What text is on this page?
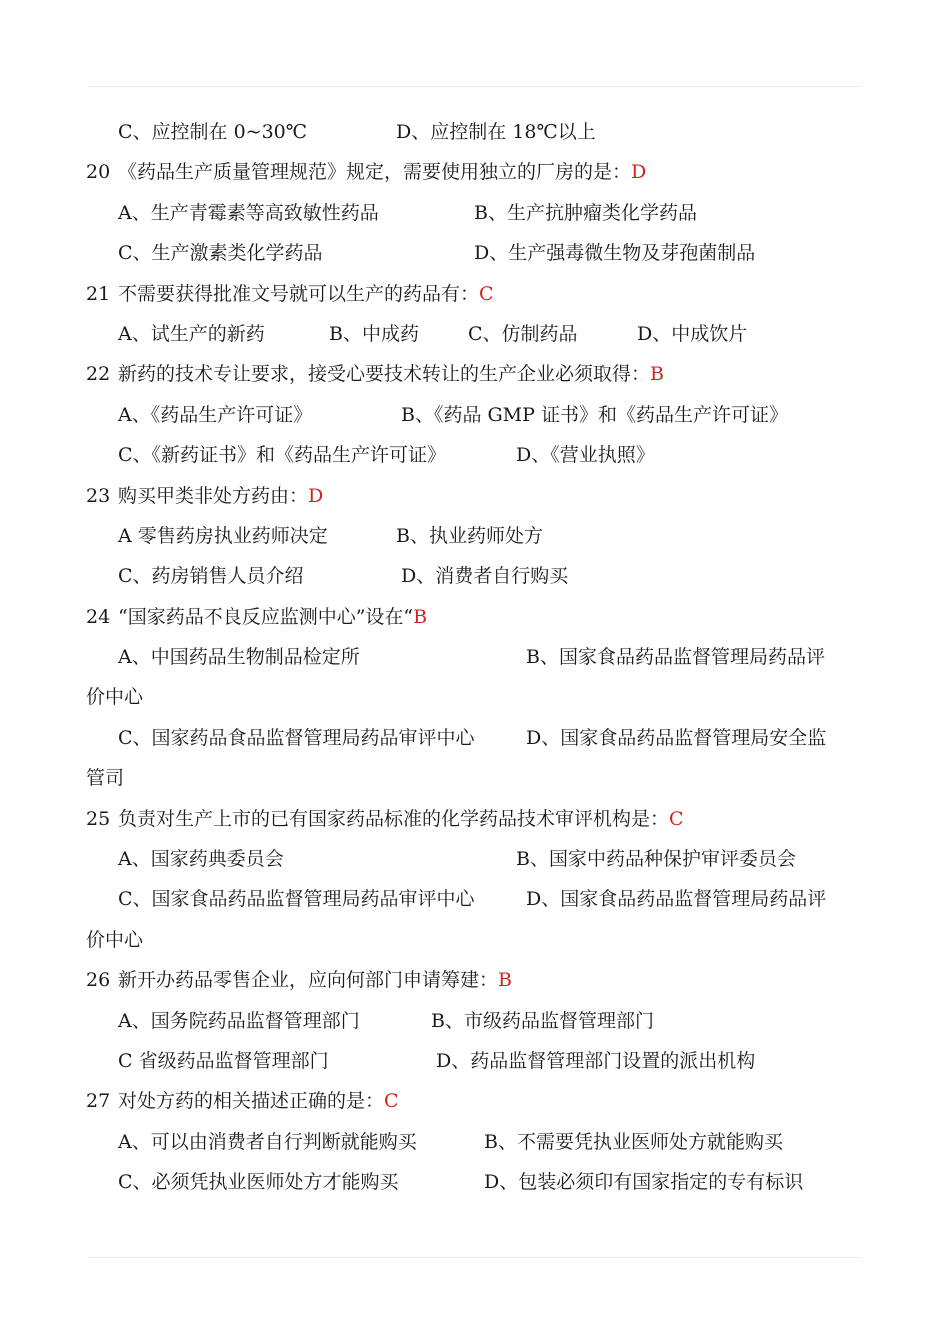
C、应控制在 0~30℃	D、应控制在 18℃以上
20 《药品生产质量管理规范》规定，需要使用独立的厂房的是：D
A、生产青霉素等高致敏性药品	B、生产抗肿瘤类化学药品
C、生产激素类化学药品	D、生产强毒微生物及芽孢菌制品
21 不需要获得批准文号就可以生产的药品有：C
A、试生产的新药	B、中成药	C、仿制药品	D、中成饮片
22 新药的技术专让要求，接受心要技术转让的生产企业必须取得：B
A、《药品生产许可证》	B、《药品 GMP 证书》和《药品生产许可证》
C、《新药证书》和《药品生产许可证》	D、《营业执照》
23 购买甲类非处方药由：D
A 零售药房执业药师决定	B、执业药师处方
C、药房销售人员介绍	D、消费者自行购买
24 “国家药品不良反应监测中心”设在“B
A、中国药品生物制品检定所	B、国家食品药品监督管理局药品评
价中心
C、国家药品食品监督管理局药品审评中心	D、国家食品药品监督管理局安全监
管司
25 负责对生产上市的已有国家药品标准的化学药品技术审评机构是：C
A、国家药典委员会	B、国家中药品种保护审评委员会
C、国家食品药品监督管理局药品审评中心	D、国家食品药品监督管理局药品评
价中心
26 新开办药品零售企业，应向何部门申请筹建：B
A、国务院药品监督管理部门	B、市级药品监督管理部门
C 省级药品监督管理部门	D、药品监督管理部门设置的派出机构
27 对处方药的相关描述正确的是：C
A、可以由消费者自行判断就能购买	B、不需要凭执业医师处方就能购买
C、必须凭执业医师处方才能购买	D、包装必须印有国家指定的专有标识
